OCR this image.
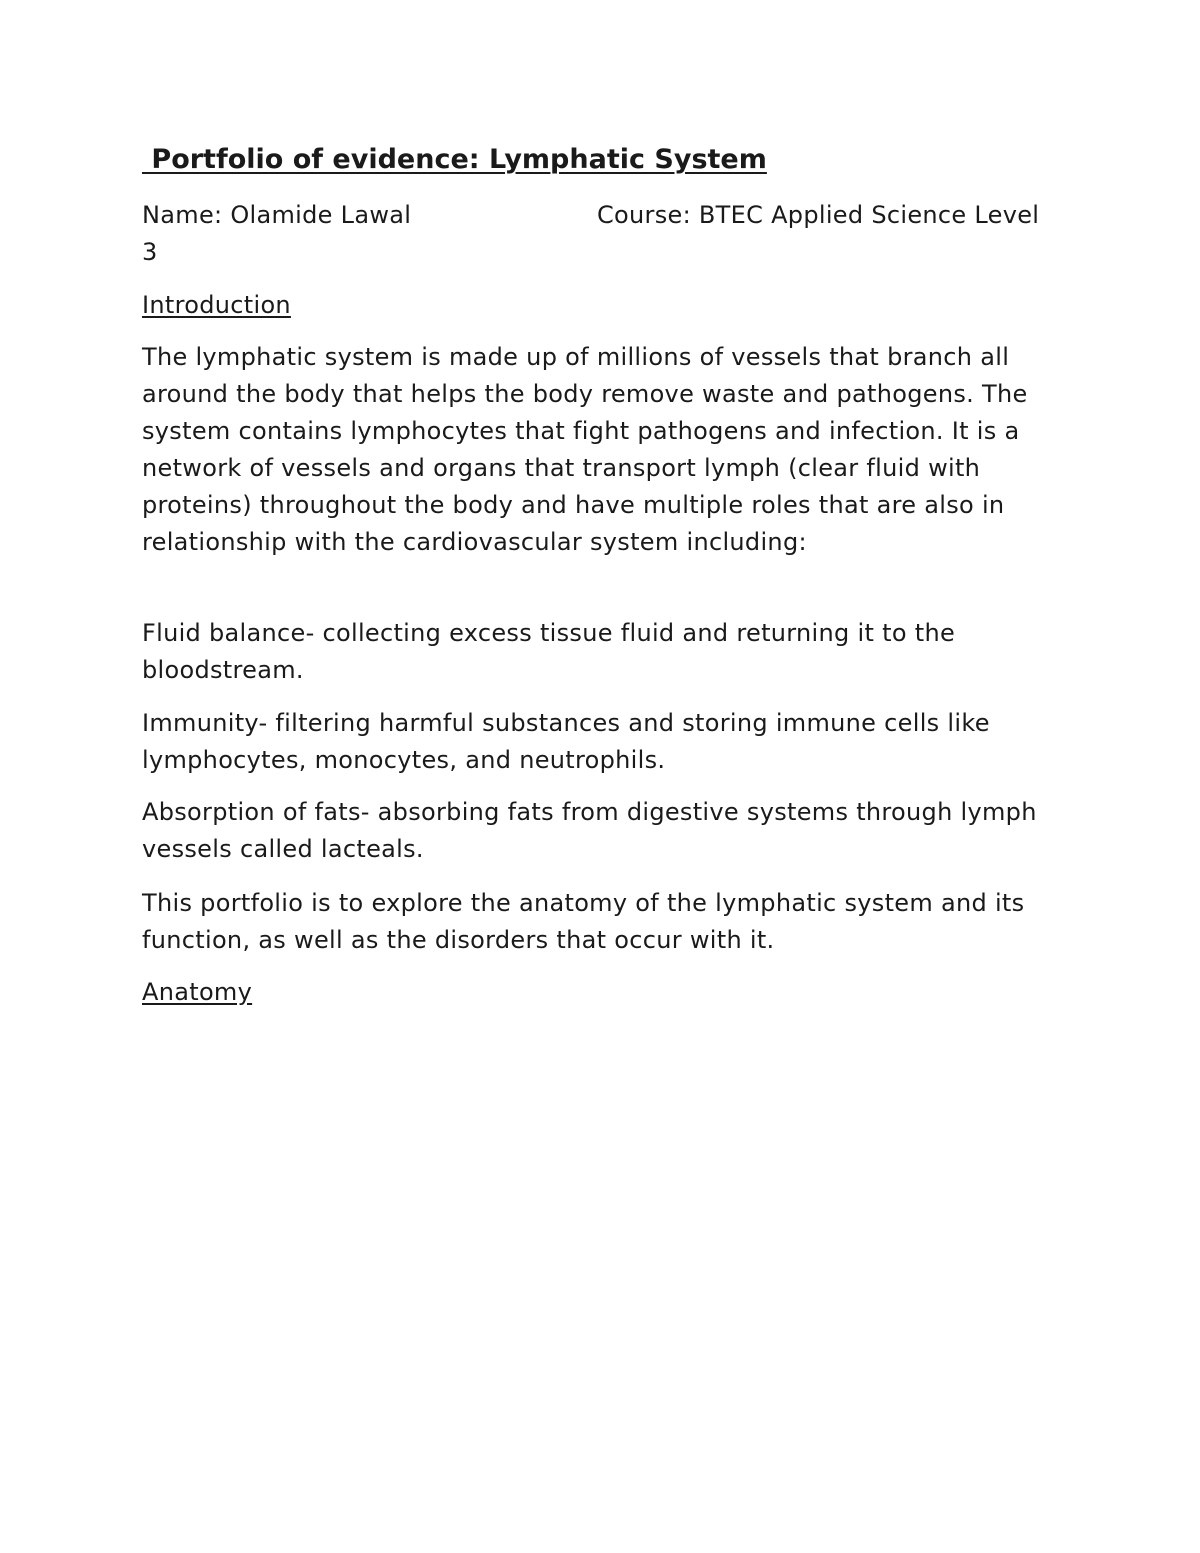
Portfolio of evidence: Lymphatic System
Name: Olamide Lawal	Course: BTEC Applied Science Level 3
Introduction

The lymphatic system is made up of millions of vessels that branch all around the body that helps the body remove waste and pathogens. The system contains lymphocytes that fight pathogens and infection. It is a network of vessels and organs that transport lymph (clear fluid with proteins) throughout the body and have multiple roles that are also in relationship with the cardiovascular system including:

Fluid balance- collecting excess tissue fluid and returning it to the bloodstream.

Immunity- filtering harmful substances and storing immune cells like lymphocytes, monocytes, and neutrophils.

Absorption of fats- absorbing fats from digestive systems through lymph vessels called lacteals.

This portfolio is to explore the anatomy of the lymphatic system and its function, as well as the disorders that occur with it.

Anatomy
